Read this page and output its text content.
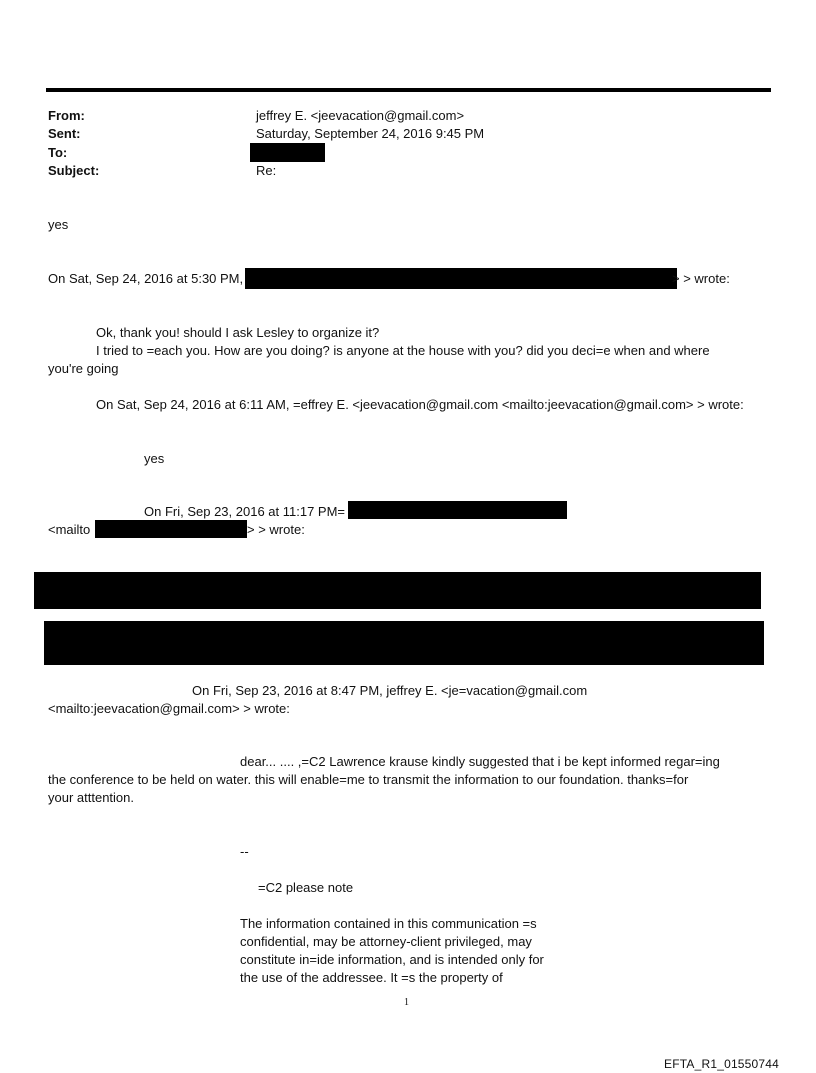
From:	jeffrey E. <jeevacation@gmail.com>
Sent:	Saturday, September 24, 2016 9:45 PM
To:
Subject:	Re:
yes
On Sat, Sep 24, 2016 at 5:30 PM,	> > wrote:
Ok, thank you! should I ask Lesley to organize it?
I tried to =each you. How are you doing? is anyone at the house with you? did you deci=e when and where
you're going
On Sat, Sep 24, 2016 at 6:11 AM, =effrey E. <jeevacation@gmail.com <mailto:jeevacation@gmail.com> > wrote:
yes
On Fri, Sep 23, 2016 at 11:17 PM=
<mailto	> > wrote:
On Fri, Sep 23, 2016 at 8:47 PM, jeffrey E. <je=vacation@gmail.com
<mailto:jeevacation@gmail.com> > wrote:
dear... .... ,=C2 Lawrence krause kindly suggested that i be kept informed regar=ing
the conference to be held on water. this will enable=me to transmit the information to our foundation. thanks=for
your atttention.
--
=C2 please note
The information contained in this communication =s
confidential, may be attorney-client privileged, may
constitute in=ide information, and is intended only for
the use of the addressee. It =s the property of
1
EFTA_R1_01550744
